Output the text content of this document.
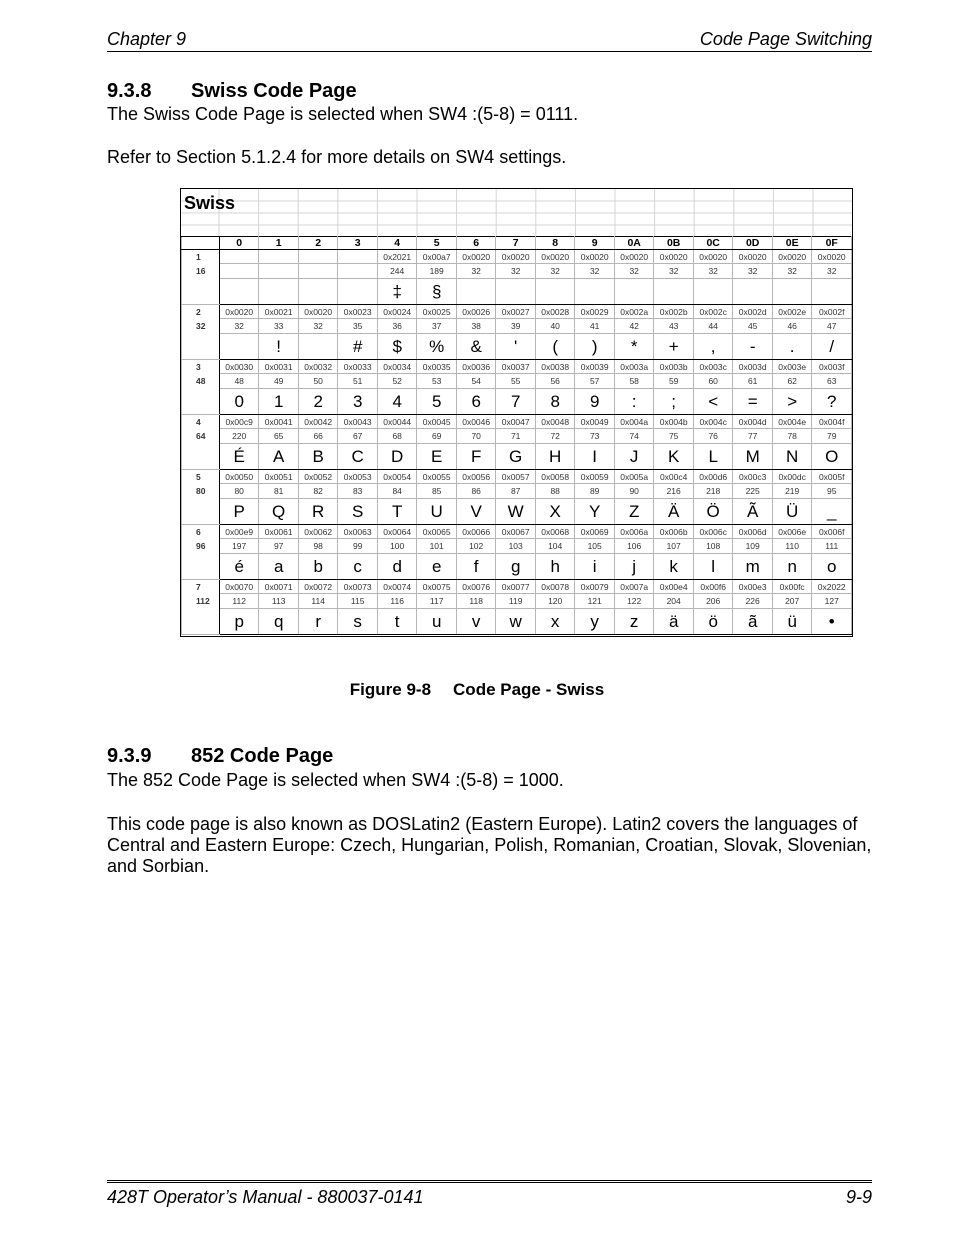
Chapter 9	Code Page Switching
9.3.8 Swiss Code Page

The Swiss Code Page is selected when SW4 :(5-8) = 0111.

Refer to Section 5.1.2.4 for more details on SW4 settings.

Swiss
	0	1	2	3	4	5	6	7	8	9	0A	0B	0C	0D	0E	0F

1
16					0x2021	0x00a7	0x0020	0x0020	0x0020	0x0020	0x0020	0x0020	0x0020	0x0020	0x0020	0x0020
					244	189	32	32	32	32	32	32	32	32	32	32
					‡	§										

2
32	0x0020	0x0021	0x0020	0x0023	0x0024	0x0025	0x0026	0x0027	0x0028	0x0029	0x002a	0x002b	0x002c	0x002d	0x002e	0x002f
	32	33	32	35	36	37	38	39	40	41	42	43	44	45	46	47
		!		#	$	%	&	'	(	)	*	+	,	-	.	/

3
48	0x0030	0x0031	0x0032	0x0033	0x0034	0x0035	0x0036	0x0037	0x0038	0x0039	0x003a	0x003b	0x003c	0x003d	0x003e	0x003f
	48	49	50	51	52	53	54	55	56	57	58	59	60	61	62	63
	0	1	2	3	4	5	6	7	8	9	:	;	<	=	>	?

4
64	0x00c9	0x0041	0x0042	0x0043	0x0044	0x0045	0x0046	0x0047	0x0048	0x0049	0x004a	0x004b	0x004c	0x004d	0x004e	0x004f
	220	65	66	67	68	69	70	71	72	73	74	75	76	77	78	79
	É	A	B	C	D	E	F	G	H	I	J	K	L	M	N	O

5
80	0x0050	0x0051	0x0052	0x0053	0x0054	0x0055	0x0056	0x0057	0x0058	0x0059	0x005a	0x00c4	0x00d6	0x00c3	0x00dc	0x005f
	80	81	82	83	84	85	86	87	88	89	90	216	218	225	219	95
	P	Q	R	S	T	U	V	W	X	Y	Z	Ä	Ö	Ã	Ü	_

6
96	0x00e9	0x0061	0x0062	0x0063	0x0064	0x0065	0x0066	0x0067	0x0068	0x0069	0x006a	0x006b	0x006c	0x006d	0x006e	0x006f
	197	97	98	99	100	101	102	103	104	105	106	107	108	109	110	111
	é	a	b	c	d	e	f	g	h	i	j	k	l	m	n	o

7
112	0x0070	0x0071	0x0072	0x0073	0x0074	0x0075	0x0076	0x0077	0x0078	0x0079	0x007a	0x00e4	0x00f6	0x00e3	0x00fc	0x2022
	112	113	114	115	116	117	118	119	120	121	122	204	206	226	207	127
	p	q	r	s	t	u	v	w	x	y	z	ä	ö	ã	ü	•
Figure 9-8 Code Page - Swiss
9.3.9 852 Code Page

The 852 Code Page is selected when SW4 :(5-8) = 1000.

This code page is also known as DOSLatin2 (Eastern Europe). Latin2 covers the languages of Central and Eastern Europe: Czech, Hungarian, Polish, Romanian, Croatian, Slovak, Slovenian, and Sorbian.

428T Operator’s Manual - 880037-0141	9-9
